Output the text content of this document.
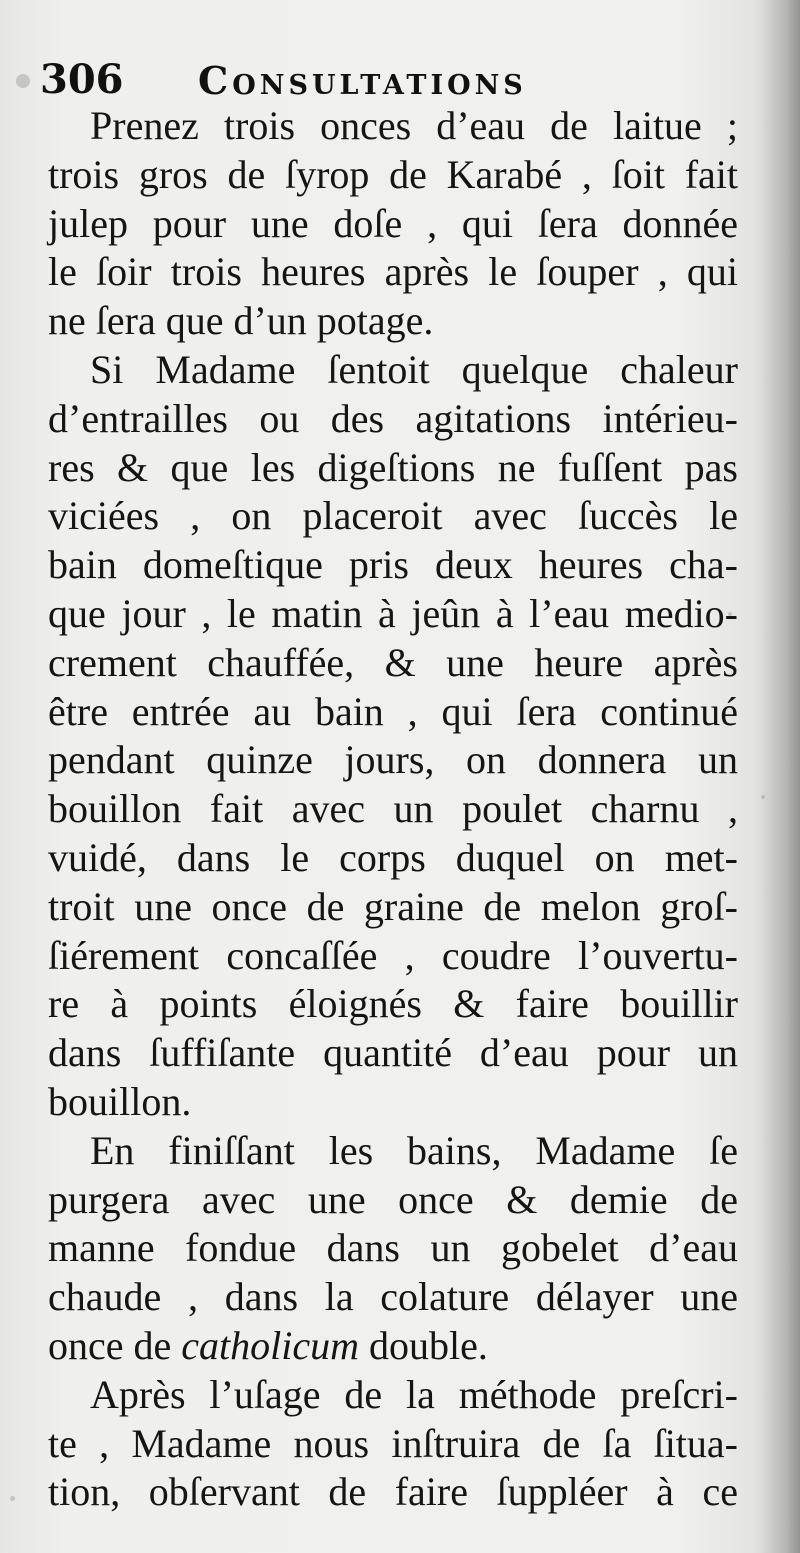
306 Consultations
Prenez trois onces d’eau de laitue ;
trois gros de ſyrop de Karabé , ſoit fait
julep pour une doſe , qui ſera donnée
le ſoir trois heures après le ſouper , qui
ne ſera que d’un potage.
Si Madame ſentoit quelque chaleur
d’entrailles ou des agitations intérieu-
res & que les digeſtions ne fuſſent pas
viciées , on placeroit avec ſuccès le
bain domeſtique pris deux heures cha-
que jour , le matin à jeûn à l’eau medio-
crement chauffée, & une heure après
être entrée au bain , qui ſera continué
pendant quinze jours, on donnera un
bouillon fait avec un poulet charnu ,
vuidé, dans le corps duquel on met-
troit une once de graine de melon groſ-
ſiérement concaſſée , coudre l’ouvertu-
re à points éloignés & faire bouillir
dans ſuffiſante quantité d’eau pour un
bouillon.
En finiſſant les bains, Madame ſe
purgera avec une once & demie de
manne fondue dans un gobelet d’eau
chaude , dans la colature délayer une
once de catholicum double.
Après l’uſage de la méthode preſcri-
te , Madame nous inſtruira de ſa ſitua-
tion, obſervant de faire ſuppléer à ce
